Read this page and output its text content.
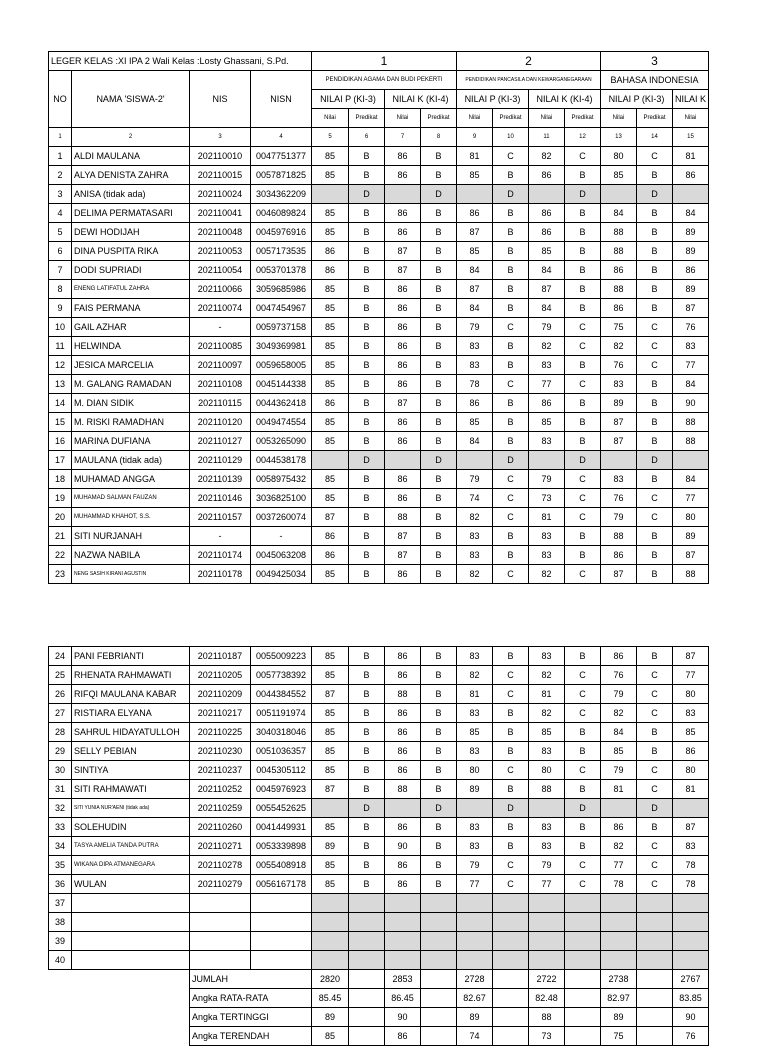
LEGER KELAS :XI IPA 2 Wali Kelas :Losty Ghassani, S.Pd.				1				2				3		
NO	NAMA 'SISWA-2'	NIS	NISN	PENDIDIKAN AGAMA DAN BUDI PEKERTI				PENDIDIKAN PANCASILA DAN KEWARGANEGARAAN				BAHASA INDONESIA		
				NILAI P (KI-3)		NILAI K (KI-4)		NILAI P (KI-3)		NILAI K (KI-4)		NILAI P (KI-3)		NILAI K
				Nilai	Predikat	Nilai	Predikat	Nilai	Predikat	Nilai	Predikat	Nilai	Predikat	Nilai
1	2	3	4	5	6	7	8	9	10	11	12	13	14	15
1	ALDI MAULANA	202110010	0047751377	85	B	86	B	81	C	82	C	80	C	81
2	ALYA DENISTA ZAHRA	202110015	0057871825	85	B	86	B	85	B	86	B	85	B	86
3	ANISA (tidak ada)	202110024	3034362209		D		D		D		D		D	
4	DELIMA PERMATASARI	202110041	0046089824	85	B	86	B	86	B	86	B	84	B	84
5	DEWI HODIJAH	202110048	0045976916	85	B	86	B	87	B	86	B	88	B	89
6	DINA PUSPITA RIKA	202110053	0057173535	86	B	87	B	85	B	85	B	88	B	89
7	DODI SUPRIADI	202110054	0053701378	86	B	87	B	84	B	84	B	86	B	86
8	ENENG LATIFATUL ZAHRA	202110066	3059685986	85	B	86	B	87	B	87	B	88	B	89
9	FAIS PERMANA	202110074	0047454967	85	B	86	B	84	B	84	B	86	B	87
10	GAIL AZHAR	-	0059737158	85	B	86	B	79	C	79	C	75	C	76
11	HELWINDA	202110085	3049369981	85	B	86	B	83	B	82	C	82	C	83
12	JESICA MARCELIA	202110097	0059658005	85	B	86	B	83	B	83	B	76	C	77
13	M. GALANG RAMADAN	202110108	0045144338	85	B	86	B	78	C	77	C	83	B	84
14	M. DIAN SIDIK	202110115	0044362418	86	B	87	B	86	B	86	B	89	B	90
15	M. RISKI RAMADHAN	202110120	0049474554	85	B	86	B	85	B	85	B	87	B	88
16	MARINA DUFIANA	202110127	0053265090	85	B	86	B	84	B	83	B	87	B	88
17	MAULANA (tidak ada)	202110129	0044538178		D		D		D		D		D	
18	MUHAMAD ANGGA	202110139	0058975432	85	B	86	B	79	C	79	C	83	B	84
19	MUHAMAD SALMAN FAUZAN	202110146	3036825100	85	B	86	B	74	C	73	C	76	C	77
20	MUHAMMAD KHAHOT, S.S.	202110157	0037260074	87	B	88	B	82	C	81	C	79	C	80
21	SITI NURJANAH	-	-	86	B	87	B	83	B	83	B	88	B	89
22	NAZWA NABILA	202110174	0045063208	86	B	87	B	83	B	83	B	86	B	87
23	NENG SASIH KIRANI AGUSTIN	202110178	0049425034	85	B	86	B	82	C	82	C	87	B	88
24	PANI FEBRIANTI	202110187	0055009223	85	B	86	B	83	B	83	B	86	B	87
25	RHENATA RAHMAWATI	202110205	0057738392	85	B	86	B	82	C	82	C	76	C	77
26	RIFQI MAULANA KABAR	202110209	0044384552	87	B	88	B	81	C	81	C	79	C	80
27	RISTIARA ELYANA	202110217	0051191974	85	B	86	B	83	B	82	C	82	C	83
28	SAHRUL HIDAYATULLOH	202110225	3040318046	85	B	86	B	85	B	85	B	84	B	85
29	SELLY PEBIAN	202110230	0051036357	85	B	86	B	83	B	83	B	85	B	86
30	SINTIYA	202110237	0045305112	85	B	86	B	80	C	80	C	79	C	80
31	SITI RAHMAWATI	202110252	0045976923	87	B	88	B	89	B	88	B	81	C	81
32	SITI YUNIA NUR'AENI (tidak ada)	202110259	0055452625		D		D		D		D		D	
33	SOLEHUDIN	202110260	0041449931	85	B	86	B	83	B	83	B	86	B	87
34	TASYA AMELIA TANDA PUTRA	202110271	0053339898	89	B	90	B	83	B	83	B	82	C	83
35	WIKANA DIPA ATMANEGARA	202110278	0055408918	85	B	86	B	79	C	79	C	77	C	78
36	WULAN	202110279	0056167178	85	B	86	B	77	C	77	C	78	C	78
37														
38														
39														
40														
		JUMLAH		2820		2853		2728		2722		2738		2767
		Angka RATA-RATA		85.45		86.45		82.67		82.48		82.97		83.85
		Angka TERTINGGI		89		90		89		88		89		90
		Angka TERENDAH		85		86		74		73		75		76
